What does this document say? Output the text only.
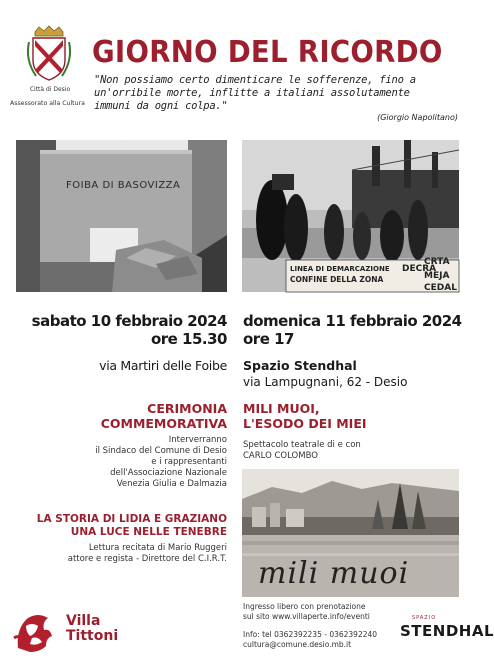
Città di Desio
Assessorato alla Cultura
GIORNO DEL RICORDO
"Non possiamo certo dimenticare le sofferenze, fino a
un'orribile morte, inflitte a italiani assolutamente
immuni da ogni colpa."
(Giorgio Napolitano)
FOIBA DI BASOVIZZA
LINEA DI DEMARCAZIONE
CONFINE DELLA ZONA
DECRA
CRTA
MEJA
CEDAL
sabato 10 febbraio 2024
ore 15.30
domenica 11 febbraio 2024
ore 17
via Martiri delle Foibe Spazio Stendhal
via Lampugnani, 62 - Desio
CERIMONIA
COMMEMORATIVA
Interverranno
il Sindaco del Comune di Desio
e i rappresentanti
dell'Associazione Nazionale
Venezia Giulia e Dalmazia
LA STORIA DI LIDIA E GRAZIANO
UNA LUCE NELLE TENEBRE
Lettura recitata di Mario Ruggeri
attore e regista - Direttore del C.I.R.T.
MILI MUOI,
L'ESODO DEI MIEI
Spettacolo teatrale di e con
CARLO COLOMBO
mili muoi
Ingresso libero con prenotazione
sul sito www.villaperte.info/eventi
Info: tel 0362392235 - 0362392240
cultura@comune.desio.mb.it
Villa
Tittoni
SPAZIO
STENDHAL
